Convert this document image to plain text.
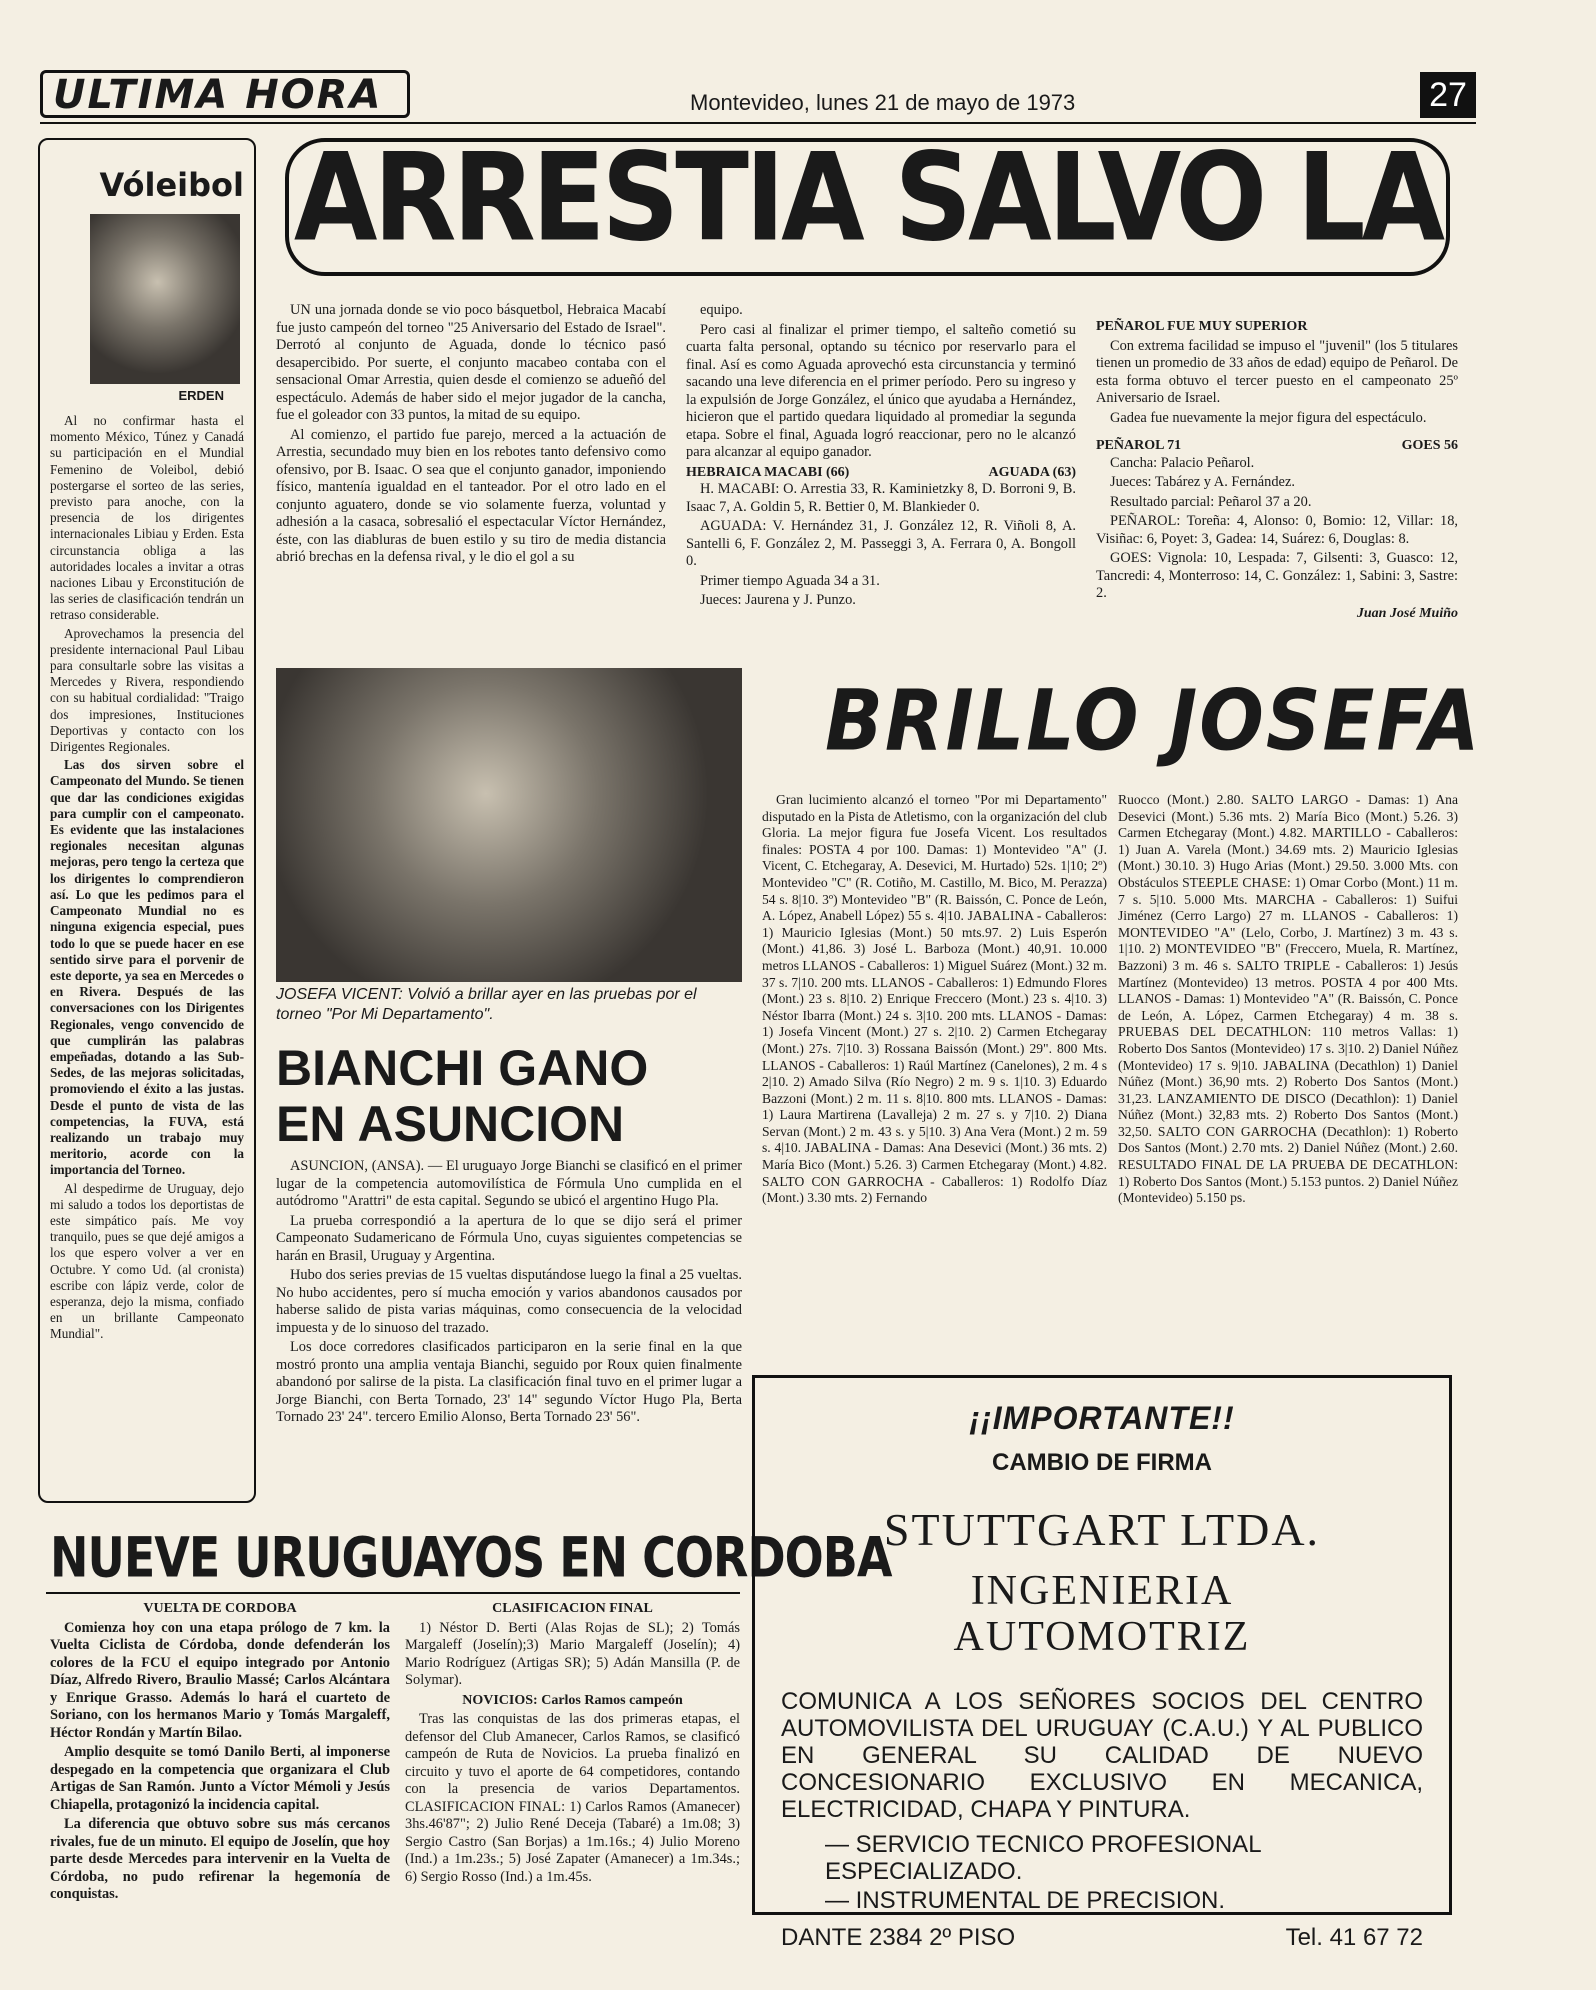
ULTIMA HORA	Montevideo, lunes 21 de mayo de 1973	27
ARRESTIA SALVO LA
Vóleibol
ERDEN

Al no confirmar hasta el momento México, Túnez y Canadá su participación en el Mundial Femenino de Voleibol, debió postergarse el sorteo de las series, previsto para anoche, con la presencia de los dirigentes internacionales Libiau y Erden. Esta circunstancia obliga a las autoridades locales a invitar a otras naciones Libau y Erconstitución de las series de clasificación tendrán un retraso considerable.

Aprovechamos la presencia del presidente internacional Paul Libau para consultarle sobre las visitas a Mercedes y Rivera, respondiendo con su habitual cordialidad: "Traigo dos impresiones, Instituciones Deportivas y contacto con los Dirigentes Regionales.

Las dos sirven sobre el Campeonato del Mundo. Se tienen que dar las condiciones exigidas para cumplir con el campeonato. Es evidente que las instalaciones regionales necesitan algunas mejoras, pero tengo la certeza que los dirigentes lo comprendieron así. Lo que les pedimos para el Campeonato Mundial no es ninguna exigencia especial, pues todo lo que se puede hacer en ese sentido sirve para el porvenir de este deporte, ya sea en Mercedes o en Rivera. Después de las conversaciones con los Dirigentes Regionales, vengo convencido de que cumplirán las palabras empeñadas, dotando a las Sub-Sedes, de las mejoras solicitadas, promoviendo el éxito a las justas. Desde el punto de vista de las competencias, la FUVA, está realizando un trabajo muy meritorio, acorde con la importancia del Torneo.

Al despedirme de Uruguay, dejo mi saludo a todos los deportistas de este simpático país. Me voy tranquilo, pues se que dejé amigos a los que espero volver a ver en Octubre. Y como Ud. (al cronista) escribe con lápiz verde, color de esperanza, dejo la misma, confiado en un brillante Campeonato Mundial".

UN una jornada donde se vio poco básquetbol, Hebraica Macabí fue justo campeón del torneo "25 Aniversario del Estado de Israel". Derrotó al conjunto de Aguada, donde lo técnico pasó desapercibido. Por suerte, el conjunto macabeo contaba con el sensacional Omar Arrestia, quien desde el comienzo se adueñó del espectáculo. Además de haber sido el mejor jugador de la cancha, fue el goleador con 33 puntos, la mitad de su equipo.

Al comienzo, el partido fue parejo, merced a la actuación de Arrestia, secundado muy bien en los rebotes tanto defensivo como ofensivo, por B. Isaac. O sea que el conjunto ganador, imponiendo físico, mantenía igualdad en el tanteador. Por el otro lado en el conjunto aguatero, donde se vio solamente fuerza, voluntad y adhesión a la casaca, sobresalió el espectacular Víctor Hernández, éste, con las diabluras de buen estilo y su tiro de media distancia abrió brechas en la defensa rival, y le dio el gol a su

equipo.

Pero casi al finalizar el primer tiempo, el salteño cometió su cuarta falta personal, optando su técnico por reservarlo para el final. Así es como Aguada aprovechó esta circunstancia y terminó sacando una leve diferencia en el primer período. Pero su ingreso y la expulsión de Jorge González, el único que ayudaba a Hernández, hicieron que el partido quedara liquidado al promediar la segunda etapa. Sobre el final, Aguada logró reaccionar, pero no le alcanzó para alcanzar al equipo ganador.

HEBRAICA MACABI (66)	AGUADA (63)

H. MACABI: O. Arrestia 33, R. Kaminietzky 8, D. Borroni 9, B. Isaac 7, A. Goldin 5, R. Bettier 0, M. Blankieder 0.

AGUADA: V. Hernández 31, J. González 12, R. Viñoli 8, A. Santelli 6, F. González 2, M. Passeggi 3, A. Ferrara 0, A. Bongoll 0.

Primer tiempo Aguada 34 a 31.

Jueces: Jaurena y J. Punzo.

PEÑAROL FUE MUY SUPERIOR

Con extrema facilidad se impuso el "juvenil" (los 5 titulares tienen un promedio de 33 años de edad) equipo de Peñarol. De esta forma obtuvo el tercer puesto en el campeonato 25º Aniversario de Israel.

Gadea fue nuevamente la mejor figura del espectáculo.

PEÑAROL 71	GOES 56

Cancha: Palacio Peñarol.

Jueces: Tabárez y A. Fernández.

Resultado parcial: Peñarol 37 a 20.

PEÑAROL: Toreña: 4, Alonso: 0, Bomio: 12, Villar: 18, Visiñac: 6, Poyet: 3, Gadea: 14, Suárez: 6, Douglas: 8.

GOES: Vignola: 10, Lespada: 7, Gilsenti: 3, Guasco: 12, Tancredi: 4, Monterroso: 14, C. González: 1, Sabini: 3, Sastre: 2.

Juan José Muiño
JOSEFA VICENT: Volvió a brillar ayer en las pruebas por el torneo "Por Mi Departamento".
BRILLO JOSEFA

Gran lucimiento alcanzó el torneo "Por mi Departamento" disputado en la Pista de Atletismo, con la organización del club Gloria. La mejor figura fue Josefa Vicent. Los resultados finales: POSTA 4 por 100. Damas: 1) Montevideo "A" (J. Vicent, C. Etchegaray, A. Desevici, M. Hurtado) 52s. 1|10; 2º) Montevideo "C" (R. Cotiño, M. Castillo, M. Bico, M. Perazza) 54 s. 8|10. 3º) Montevideo "B" (R. Baissón, C. Ponce de León, A. López, Anabell López) 55 s. 4|10. JABALINA - Caballeros: 1) Mauricio Iglesias (Mont.) 50 mts.97. 2) Luis Esperón (Mont.) 41,86. 3) José L. Barboza (Mont.) 40,91. 10.000 metros LLANOS - Caballeros: 1) Miguel Suárez (Mont.) 32 m. 37 s. 7|10. 200 mts. LLANOS - Caballeros: 1) Edmundo Flores (Mont.) 23 s. 8|10. 2) Enrique Freccero (Mont.) 23 s. 4|10. 3) Néstor Ibarra (Mont.) 24 s. 3|10. 200 mts. LLANOS - Damas: 1) Josefa Vincent (Mont.) 27 s. 2|10. 2) Carmen Etchegaray (Mont.) 27s. 7|10. 3) Rossana Baissón (Mont.) 29". 800 Mts. LLANOS - Caballeros: 1) Raúl Martínez (Canelones), 2 m. 4 s 2|10. 2) Amado Silva (Río Negro) 2 m. 9 s. 1|10. 3) Eduardo Bazzoni (Mont.) 2 m. 11 s. 8|10. 800 mts. LLANOS - Damas: 1) Laura Martirena (Lavalleja) 2 m. 27 s. y 7|10. 2) Diana Servan (Mont.) 2 m. 43 s. y 5|10. 3) Ana Vera (Mont.) 2 m. 59 s. 4|10. JABALINA - Damas: Ana Desevici (Mont.) 36 mts. 2) María Bico (Mont.) 5.26. 3) Carmen Etchegaray (Mont.) 4.82. SALTO CON GARROCHA - Caballeros: 1) Rodolfo Díaz (Mont.) 3.30 mts. 2) Fernando

Ruocco (Mont.) 2.80. SALTO LARGO - Damas: 1) Ana Desevici (Mont.) 5.36 mts. 2) María Bico (Mont.) 5.26. 3) Carmen Etchegaray (Mont.) 4.82. MARTILLO - Caballeros: 1) Juan A. Varela (Mont.) 34.69 mts. 2) Mauricio Iglesias (Mont.) 30.10. 3) Hugo Arias (Mont.) 29.50. 3.000 Mts. con Obstáculos STEEPLE CHASE: 1) Omar Corbo (Mont.) 11 m. 7 s. 5|10. 5.000 Mts. MARCHA - Caballeros: 1) Suifui Jiménez (Cerro Largo) 27 m. LLANOS - Caballeros: 1) MONTEVIDEO "A" (Lelo, Corbo, J. Martínez) 3 m. 43 s. 1|10. 2) MONTEVIDEO "B" (Freccero, Muela, R. Martínez, Bazzoni) 3 m. 46 s. SALTO TRIPLE - Caballeros: 1) Jesús Martínez (Montevideo) 13 metros. POSTA 4 por 400 Mts. LLANOS - Damas: 1) Montevideo "A" (R. Baissón, C. Ponce de León, A. López, Carmen Etchegaray) 4 m. 38 s. PRUEBAS DEL DECATHLON: 110 metros Vallas: 1) Roberto Dos Santos (Montevideo) 17 s. 3|10. 2) Daniel Núñez (Montevideo) 17 s. 9|10. JABALINA (Decathlon) 1) Daniel Núñez (Mont.) 36,90 mts. 2) Roberto Dos Santos (Mont.) 31,23. LANZAMIENTO DE DISCO (Decathlon): 1) Daniel Núñez (Mont.) 32,83 mts. 2) Roberto Dos Santos (Mont.) 32,50. SALTO CON GARROCHA (Decathlon): 1) Roberto Dos Santos (Mont.) 2.70 mts. 2) Daniel Núñez (Mont.) 2.60. RESULTADO FINAL DE LA PRUEBA DE DECATHLON: 1) Roberto Dos Santos (Mont.) 5.153 puntos. 2) Daniel Núñez (Montevideo) 5.150 ps.

BIANCHI GANO
EN ASUNCION

ASUNCION, (ANSA). — El uruguayo Jorge Bianchi se clasificó en el primer lugar de la competencia automovilística de Fórmula Uno cumplida en el autódromo "Arattri" de esta capital. Segundo se ubicó el argentino Hugo Pla.

La prueba correspondió a la apertura de lo que se dijo será el primer Campeonato Sudamericano de Fórmula Uno, cuyas siguientes competencias se harán en Brasil, Uruguay y Argentina.

Hubo dos series previas de 15 vueltas disputándose luego la final a 25 vueltas. No hubo accidentes, pero sí mucha emoción y varios abandonos causados por haberse salido de pista varias máquinas, como consecuencia de la velocidad impuesta y de lo sinuoso del trazado.

Los doce corredores clasificados participaron en la serie final en la que mostró pronto una amplia ventaja Bianchi, seguido por Roux quien finalmente abandonó por salirse de la pista. La clasificación final tuvo en el primer lugar a Jorge Bianchi, con Berta Tornado, 23' 14" segundo Víctor Hugo Pla, Berta Tornado 23' 24". tercero Emilio Alonso, Berta Tornado 23' 56".

NUEVE URUGUAYOS EN CORDOBA

VUELTA DE CORDOBA

Comienza hoy con una etapa prólogo de 7 km. la Vuelta Ciclista de Córdoba, donde defenderán los colores de la FCU el equipo integrado por Antonio Díaz, Alfredo Rivero, Braulio Massé; Carlos Alcántara y Enrique Grasso. Además lo hará el cuarteto de Soriano, con los hermanos Mario y Tomás Margaleff, Héctor Rondán y Martín Bilao.

Amplio desquite se tomó Danilo Berti, al imponerse despegado en la competencia que organizara el Club Artigas de San Ramón. Junto a Víctor Mémoli y Jesús Chiapella, protagonizó la incidencia capital.

La diferencia que obtuvo sobre sus más cercanos rivales, fue de un minuto. El equipo de Joselín, que hoy parte desde Mercedes para intervenir en la Vuelta de Córdoba, no pudo refirenar la hegemonía de conquistas.

CLASIFICACION FINAL

1) Néstor D. Berti (Alas Rojas de SL); 2) Tomás Margaleff (Joselín);3) Mario Margaleff (Joselín); 4) Mario Rodríguez (Artigas SR); 5) Adán Mansilla (P. de Solymar).

NOVICIOS: Carlos Ramos campeón

Tras las conquistas de las dos primeras etapas, el defensor del Club Amanecer, Carlos Ramos, se clasificó campeón de Ruta de Novicios. La prueba finalizó en circuito y tuvo el aporte de 64 competidores, contando con la presencia de varios Departamentos. CLASIFICACION FINAL: 1) Carlos Ramos (Amanecer) 3hs.46'87"; 2) Julio René Deceja (Tabaré) a 1m.08; 3) Sergio Castro (San Borjas) a 1m.16s.; 4) Julio Moreno (Ind.) a 1m.23s.; 5) José Zapater (Amanecer) a 1m.34s.; 6) Sergio Rosso (Ind.) a 1m.45s.

¡¡IMPORTANTE!!
CAMBIO DE FIRMA
STUTTGART LTDA.
INGENIERIA
AUTOMOTRIZ
COMUNICA A LOS SEÑORES SOCIOS DEL CENTRO AUTOMOVILISTA DEL URUGUAY (C.A.U.) Y AL PUBLICO EN GENERAL SU CALIDAD DE NUEVO CONCESIONARIO EXCLUSIVO EN MECANICA, ELECTRICIDAD, CHAPA Y PINTURA.
— SERVICIO TECNICO PROFESIONAL ESPECIALIZADO.
— INSTRUMENTAL DE PRECISION.
DANTE 2384 2º PISO	Tel. 41 67 72
